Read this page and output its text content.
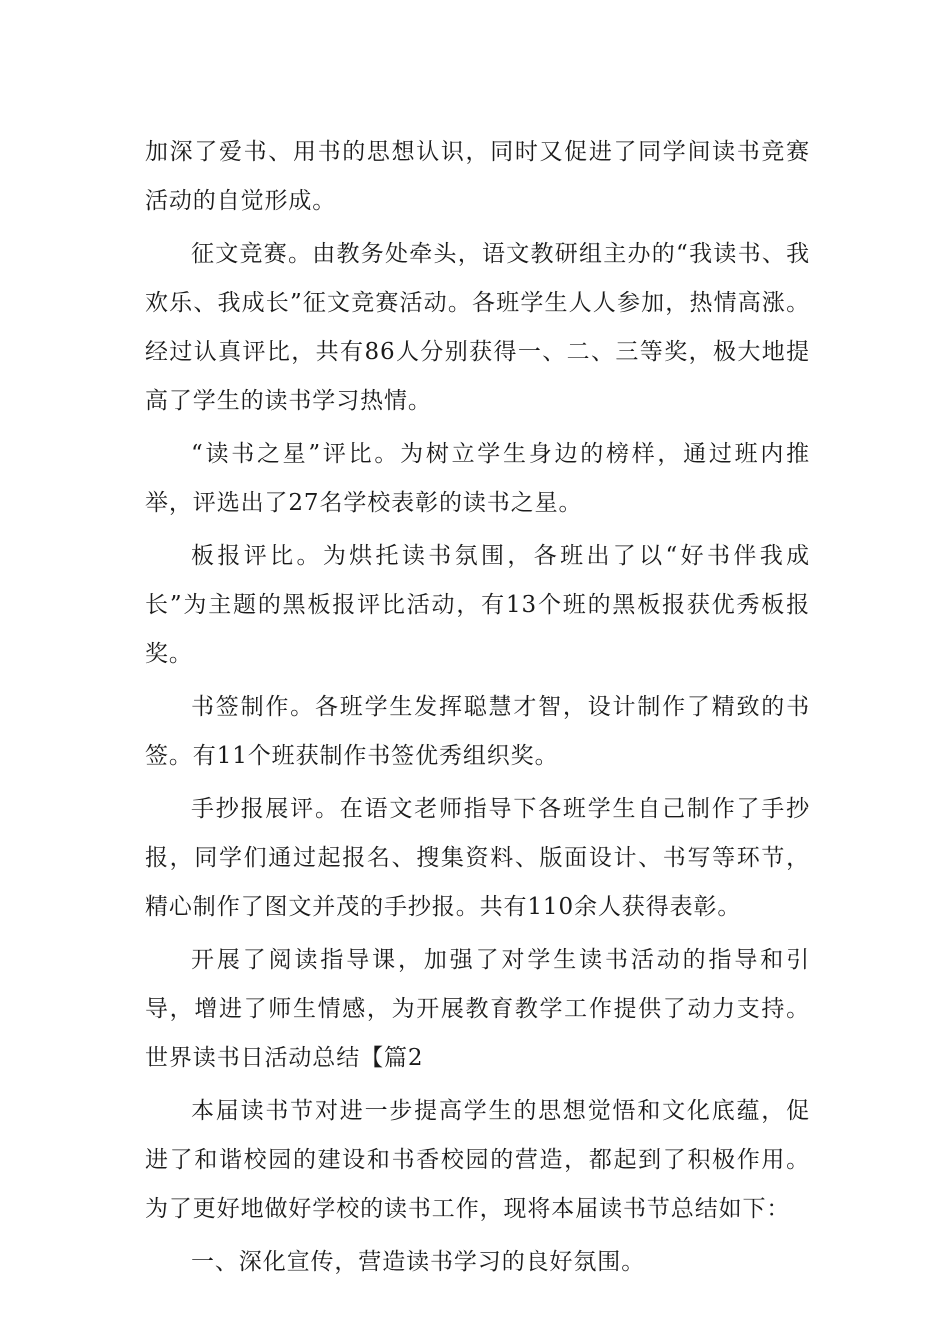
加深了爱书、用书的思想认识，同时又促进了同学间读书竞赛活动的自觉形成。

征文竞赛。由教务处牵头，语文教研组主办的“我读书、我欢乐、我成长”征文竞赛活动。各班学生人人参加，热情高涨。经过认真评比，共有86人分别获得一、二、三等奖，极大地提高了学生的读书学习热情。

“读书之星”评比。为树立学生身边的榜样，通过班内推举，评选出了27名学校表彰的读书之星。

板报评比。为烘托读书氛围，各班出了以“好书伴我成长”为主题的黑板报评比活动，有13个班的黑板报获优秀板报奖。

书签制作。各班学生发挥聪慧才智，设计制作了精致的书签。有11个班获制作书签优秀组织奖。

手抄报展评。在语文老师指导下各班学生自己制作了手抄报，同学们通过起报名、搜集资料、版面设计、书写等环节，精心制作了图文并茂的手抄报。共有110余人获得表彰。

开展了阅读指导课，加强了对学生读书活动的指导和引导，增进了师生情感，为开展教育教学工作提供了动力支持。世界读书日活动总结【篇2

本届读书节对进一步提高学生的思想觉悟和文化底蕴，促进了和谐校园的建设和书香校园的营造，都起到了积极作用。为了更好地做好学校的读书工作，现将本届读书节总结如下：

一、深化宣传，营造读书学习的良好氛围。
